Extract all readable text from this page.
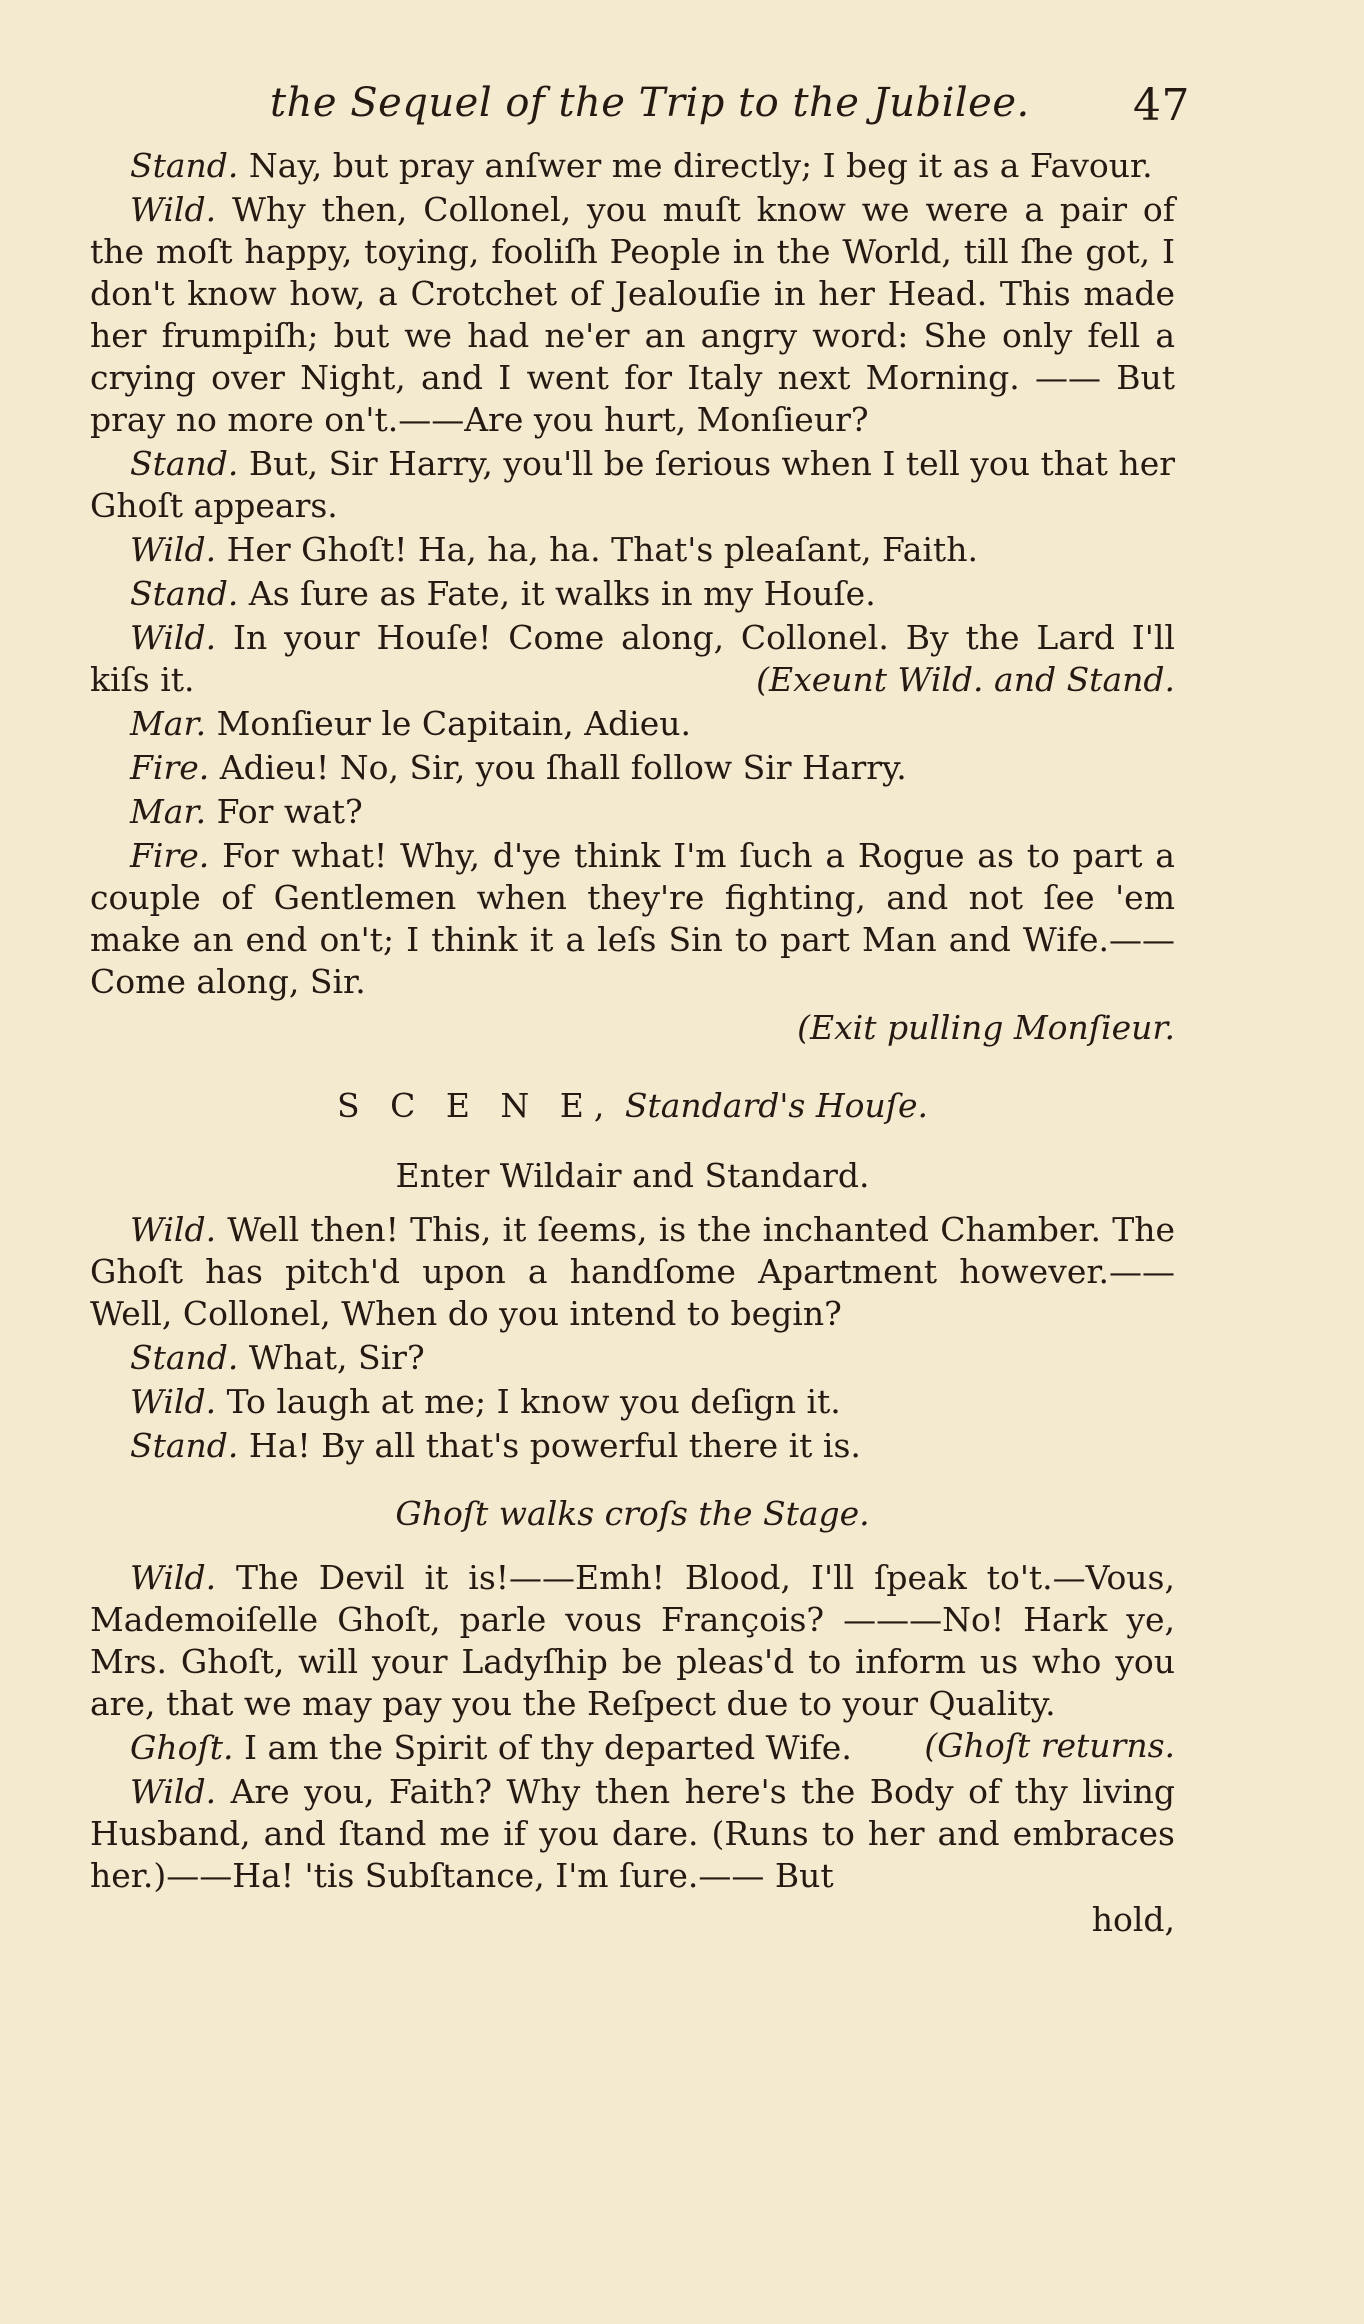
the Sequel of the Trip to the Jubilee. 47

Stand. Nay, but pray anſwer me directly; I beg it as a Favour.

Wild. Why then, Collonel, you muſt know we were a pair of the moſt happy, toying, fooliſh People in the World, till ſhe got, I don't know how, a Crotchet of Jealouſie in her Head. This made her frumpiſh; but we had ne'er an angry word: She only fell a crying over Night, and I went for Italy next Morning. —— But pray no more on't.——Are you hurt, Monſieur?

Stand. But, Sir Harry, you'll be ſerious when I tell you that her Ghoſt appears.

Wild. Her Ghoſt! Ha, ha, ha. That's pleaſant, Faith.

Stand. As ſure as Fate, it walks in my Houſe.

Wild. In your Houſe! Come along, Collonel. By the Lard I'll kiſs it.	(Exeunt Wild. and Stand.

Mar. Monſieur le Capitain, Adieu.

Fire. Adieu! No, Sir, you ſhall follow Sir Harry.

Mar. For wat?

Fire. For what! Why, d'ye think I'm ſuch a Rogue as to part a couple of Gentlemen when they're fighting, and not ſee 'em make an end on't; I think it a leſs Sin to part Man and Wife.——Come along, Sir.

(Exit pulling Monſieur.

S C E N E, Standard's Houſe.

Enter Wildair and Standard.

Wild. Well then! This, it ſeems, is the inchanted Chamber. The Ghoſt has pitch'd upon a handſome Apartment however.——Well, Collonel, When do you intend to begin?

Stand. What, Sir?

Wild. To laugh at me; I know you deſign it.

Stand. Ha! By all that's powerful there it is.

Ghoſt walks croſs the Stage.

Wild. The Devil it is!——Emh! Blood, I'll ſpeak to't.—Vous, Mademoiſelle Ghoſt, parle vous François? ———No! Hark ye, Mrs. Ghoſt, will your Ladyſhip be pleas'd to inform us who you are, that we may pay you the Reſpect due to your Quality.
(Ghoſt returns.

Ghoſt. I am the Spirit of thy departed Wife.

Wild. Are you, Faith? Why then here's the Body of thy living Husband, and ſtand me if you dare. (Runs to her and embraces her.)——Ha! 'tis Subſtance, I'm ſure.—— But

hold,
